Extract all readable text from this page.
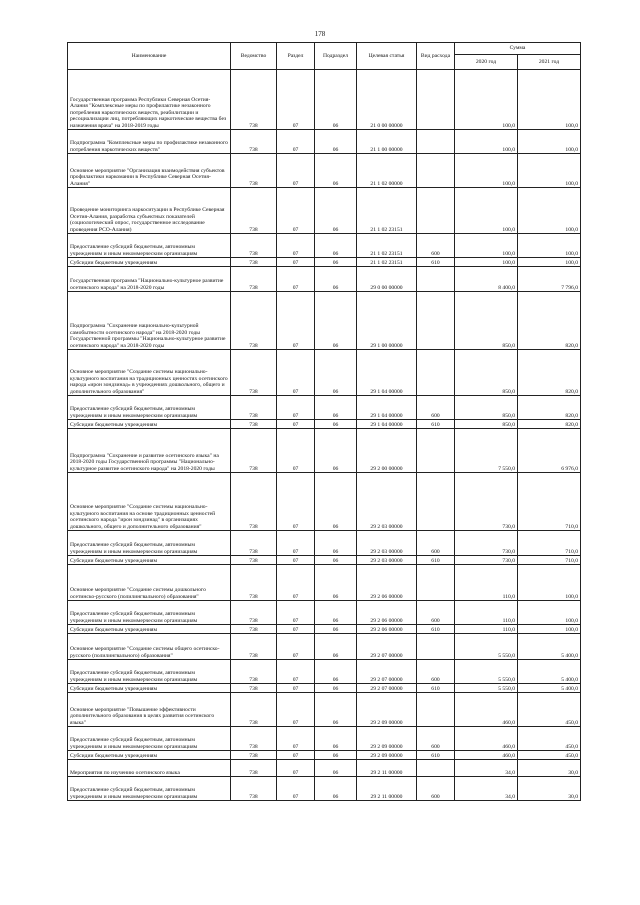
178
Наименование	Ведомство	Раздел	Подраздел	Целевая статья	Вид расхода	Сумма	
						2020 год	2021 год
Государственная программа Республики Северная Осетия-Алания "Комплексные меры по профилактике незаконного потребления наркотических веществ, реабилитации и ресоциализации лиц, потребляющих наркотические вещества без назначения врача" на 2018-2019 годы	738	07	06	21 0 00 00000		100,0	100,0
Подпрограмма "Комплексные меры по профилактике незаконного потребления наркотических веществ"	738	07	06	21 1 00 00000		100,0	100,0
Основное мероприятие "Организация взаимодействия субъектов профилактики наркомании в Республике Северная Осетия-Алания"	738	07	06	21 1 02 00000		100,0	100,0
Проведение мониторинга наркоситуации в Республике Северная Осетия-Алания, разработка субъектных показателей (социологический опрос, государственное исследование проведения РСО-Алания)	738	07	06	21 1 02 23151		100,0	100,0
Предоставление субсидий бюджетным, автономным учреждениям и иным некоммерческим организациям	738	07	06	21 1 02 23151	600	100,0	100,0
Субсидии бюджетным учреждениям	738	07	06	21 1 02 23151	610	100,0	100,0
Государственная программа "Национально-культурное развитие осетинского народа" на 2018-2020 годы	738	07	06	29 0 00 00000		8 400,0	7 796,0
Подпрограмма "Сохранение национально-культурной самобытности осетинского народа" на 2018-2020 годы Государственной программы "Национально-культурное развитие осетинского народа" на 2018-2020 годы	738	07	06	29 1 00 00000		850,0	820,0
Основное мероприятие "Создание системы национально-культурного воспитания на традиционных ценностях осетинского народа «ирон зондзинад» в учреждениях дошкольного, общего и дополнительного образования"	738	07	06	29 1 04 00000		850,0	820,0
Предоставление субсидий бюджетным, автономным учреждениям и иным некоммерческим организациям	738	07	06	29 1 04 00000	600	850,0	820,0
Субсидии бюджетным учреждениям	738	07	06	29 1 04 00000	610	850,0	820,0
Подпрограмма "Сохранение и развитие осетинского языка" на 2018-2020 годы Государственной программы "Национально-культурное развитие осетинского народа" на 2018-2020 годы	738	07	06	29 2 00 00000		7 550,0	6 976,0
Основное мероприятие "Создание системы национально-культурного воспитания на основе традиционных ценностей осетинского народа "ирон зондзинад" в организациях дошкольного, общего и дополнительного образования"	738	07	06	29 2 03 00000		730,0	710,0
Предоставление субсидий бюджетным, автономным учреждениям и иным некоммерческим организациям	738	07	06	29 2 03 00000	600	730,0	710,0
Субсидии бюджетным учреждениям	738	07	06	29 2 03 00000	610	730,0	710,0
Основное мероприятие "Создание системы дошкольного осетинско-русского (полилингвального) образования"	738	07	06	29 2 06 00000		110,0	100,0
Предоставление субсидий бюджетным, автономным учреждениям и иным некоммерческим организациям	738	07	06	29 2 06 00000	600	110,0	100,0
Субсидии бюджетным учреждениям	738	07	06	29 2 06 00000	610	110,0	100,0
Основное мероприятие "Создание системы общего осетинско-русского (полилингвального) образования"	738	07	06	29 2 07 00000		5 550,0	5 400,0
Предоставление субсидий бюджетным, автономным учреждениям и иным некоммерческим организациям	738	07	06	29 2 07 00000	600	5 550,0	5 400,0
Субсидии бюджетным учреждениям	738	07	06	29 2 07 00000	610	5 550,0	5 400,0
Основное мероприятие "Повышение эффективности дополнительного образования в целях развития осетинского языка"	738	07	06	29 2 09 00000		460,0	450,0
Предоставление субсидий бюджетным, автономным учреждениям и иным некоммерческим организациям	738	07	06	29 2 09 00000	600	460,0	450,0
Субсидии бюджетным учреждениям	738	07	06	29 2 09 00000	610	460,0	450,0
Мероприятия по изучению осетинского языка	738	07	06	29 2 11 00000		34,0	30,0
Предоставление субсидий бюджетным, автономным учреждениям и иным некоммерческим организациям	738	07	06	29 2 11 00000	600	34,0	30,0
